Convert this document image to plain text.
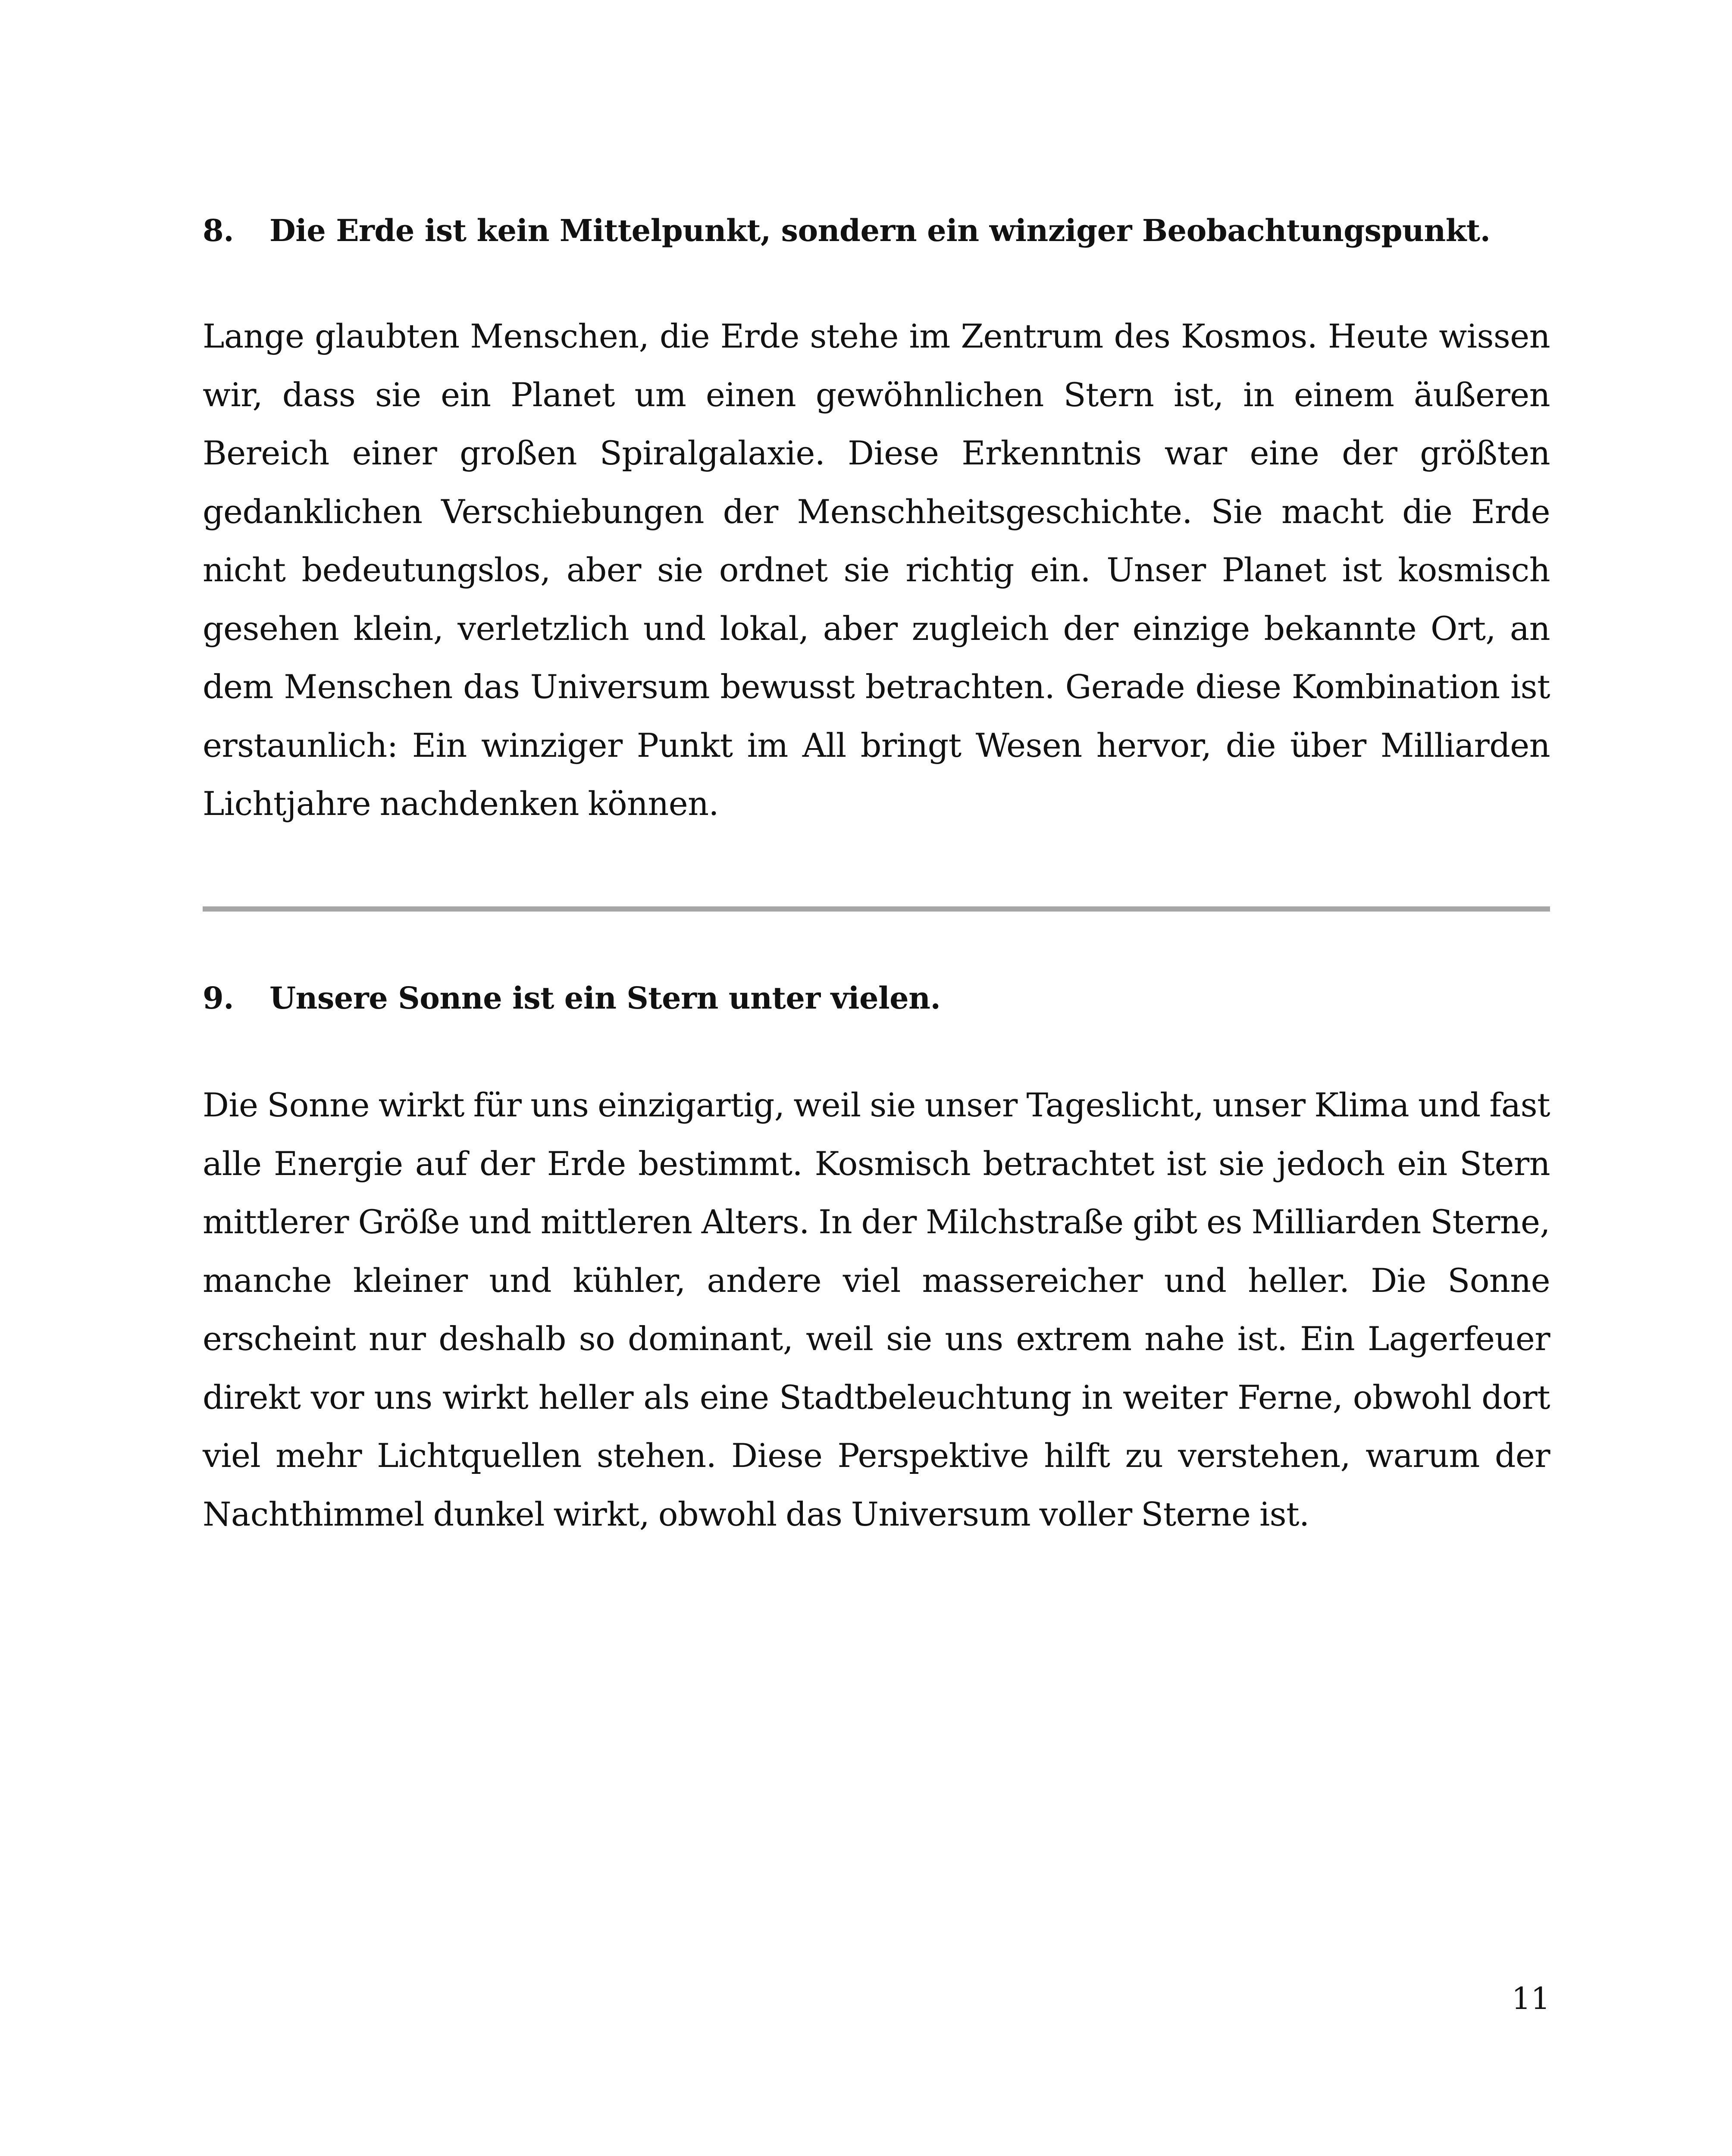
8. Die Erde ist kein Mittelpunkt, sondern ein winziger Beobachtungspunkt.
Lange glaubten Menschen, die Erde stehe im Zentrum des Kosmos. Heute wissen wir, dass sie ein Planet um einen gewöhnlichen Stern ist, in einem äußeren Bereich einer großen Spiralgalaxie. Diese Erkenntnis war eine der größten gedanklichen Verschiebungen der Menschheitsgeschichte. Sie macht die Erde nicht bedeutungslos, aber sie ordnet sie richtig ein. Unser Planet ist kosmisch gesehen klein, verletzlich und lokal, aber zugleich der einzige bekannte Ort, an dem Menschen das Universum bewusst betrachten. Gerade diese Kombination ist erstaunlich: Ein winziger Punkt im All bringt Wesen hervor, die über Milliarden Lichtjahre nachdenken können.
9. Unsere Sonne ist ein Stern unter vielen.
Die Sonne wirkt für uns einzigartig, weil sie unser Tageslicht, unser Klima und fast alle Energie auf der Erde bestimmt. Kosmisch betrachtet ist sie jedoch ein Stern mittlerer Größe und mittleren Alters. In der Milchstraße gibt es Milliarden Sterne, manche kleiner und kühler, andere viel massereicher und heller. Die Sonne erscheint nur deshalb so dominant, weil sie uns extrem nahe ist. Ein Lagerfeuer direkt vor uns wirkt heller als eine Stadtbeleuchtung in weiter Ferne, obwohl dort viel mehr Lichtquellen stehen. Diese Perspektive hilft zu verstehen, warum der Nachthimmel dunkel wirkt, obwohl das Universum voller Sterne ist.
11
